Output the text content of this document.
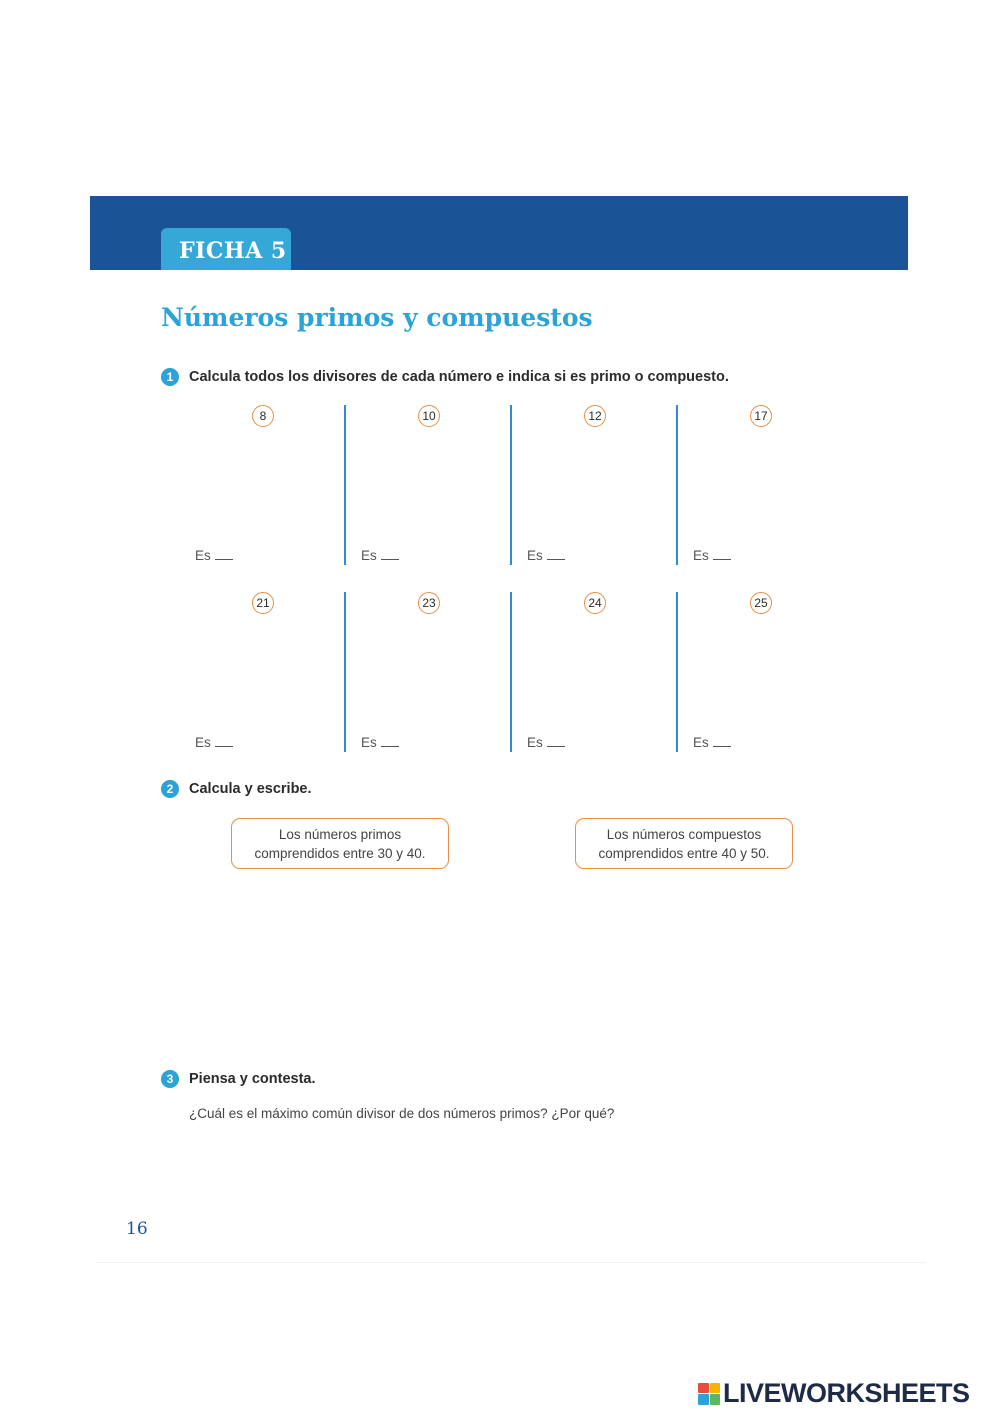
FICHA 5
Números primos y compuestos
1	Calcula todos los divisores de cada número e indica si es primo o compuesto.
8
Es
10
Es
12
Es
17
Es
21
Es
23
Es
24
Es
25
Es
2	Calcula y escribe.
Los números primos
comprendidos entre 30 y 40.
Los números compuestos
comprendidos entre 40 y 50.
3	Piensa y contesta.
¿Cuál es el máximo común divisor de dos números primos? ¿Por qué?
16
LIVEWORKSHEETS
